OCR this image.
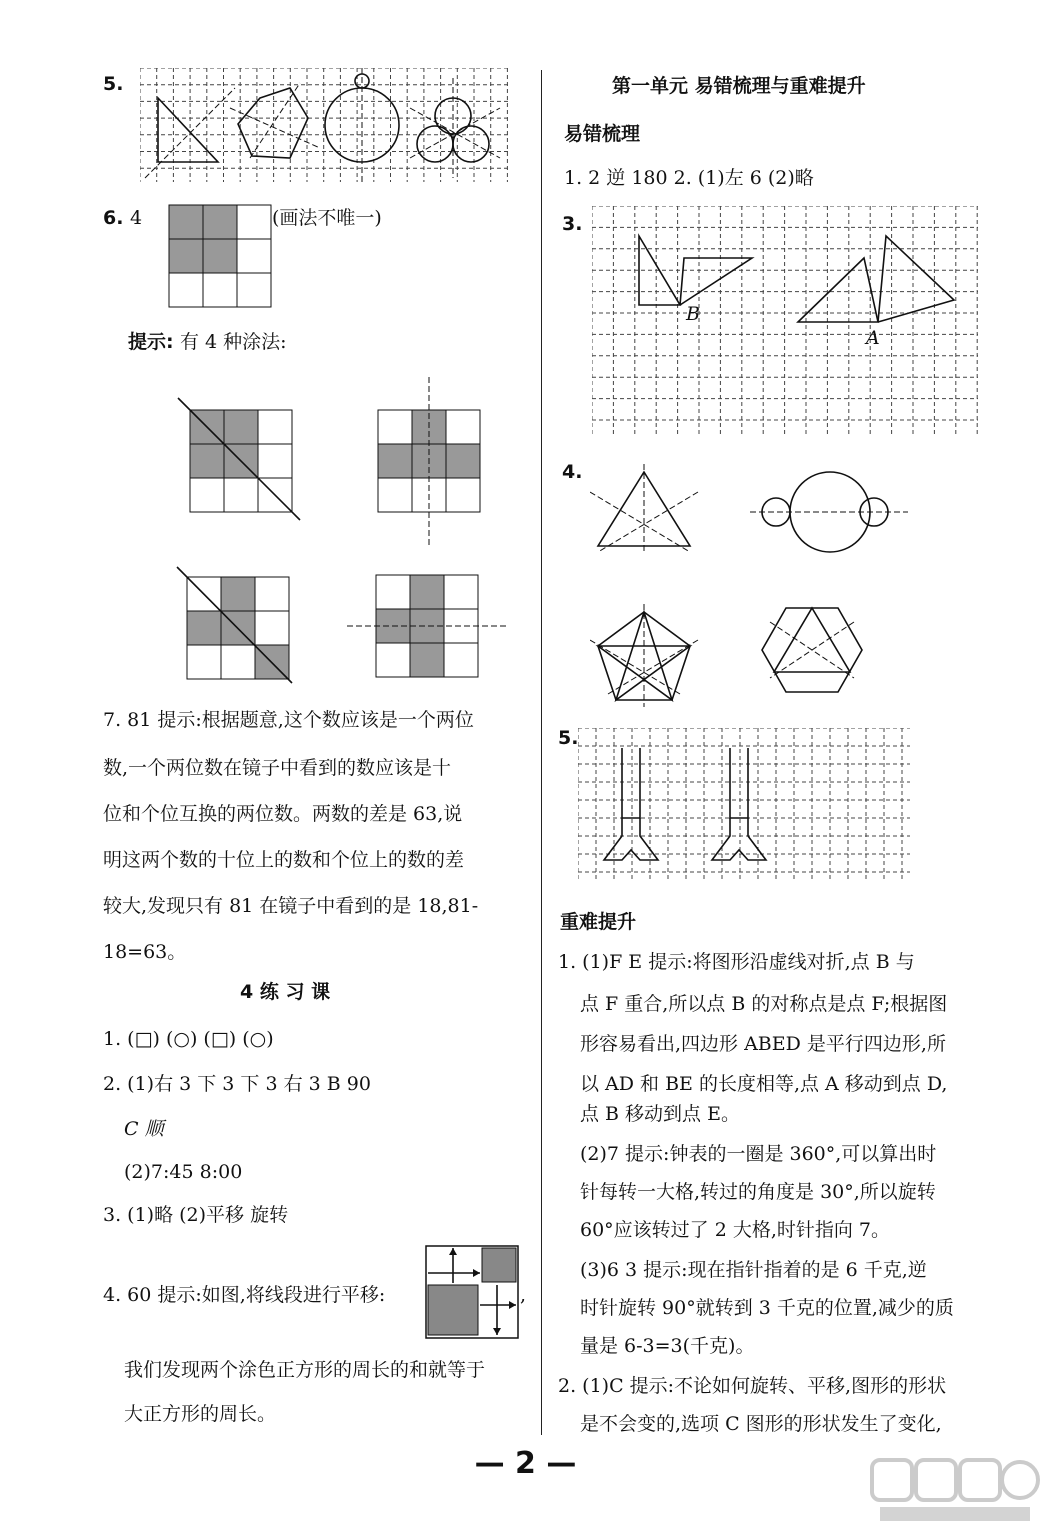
5.
6. 4	(画法不唯一)
提示: 有 4 种涂法:
7. 81 提示:根据题意,这个数应该是一个两位
数,一个两位数在镜子中看到的数应该是十
位和个位互换的两位数。两数的差是 63,说
明这两个数的十位上的数和个位上的数的差
较大,发现只有 81 在镜子中看到的是 18,81-
18=63。
4 练 习 课
1. (□) (○) (□) (○)
2. (1)右 3 下 3 下 3 右 3 B 90
C 顺
(2)7:45 8:00
3. (1)略 (2)平移 旋转
4. 60 提示:如图,将线段进行平移:	,
我们发现两个涂色正方形的周长的和就等于
大正方形的周长。
第一单元 易错梳理与重难提升
易错梳理
1. 2 逆 180 2. (1)左 6 (2)略
3.
B
A
4.
5.
重难提升
1. (1)F E 提示:将图形沿虚线对折,点 B 与
点 F 重合,所以点 B 的对称点是点 F;根据图
形容易看出,四边形 ABED 是平行四边形,所
以 AD 和 BE 的长度相等,点 A 移动到点 D,
点 B 移动到点 E。
(2)7 提示:钟表的一圈是 360°,可以算出时
针每转一大格,转过的角度是 30°,所以旋转
60°应该转过了 2 大格,时针指向 7。
(3)6 3 提示:现在指针指着的是 6 千克,逆
时针旋转 90°就转到 3 千克的位置,减少的质
量是 6-3=3(千克)。
2. (1)C 提示:不论如何旋转、平移,图形的形状
是不会变的,选项 C 图形的形状发生了变化,
— 2 —
